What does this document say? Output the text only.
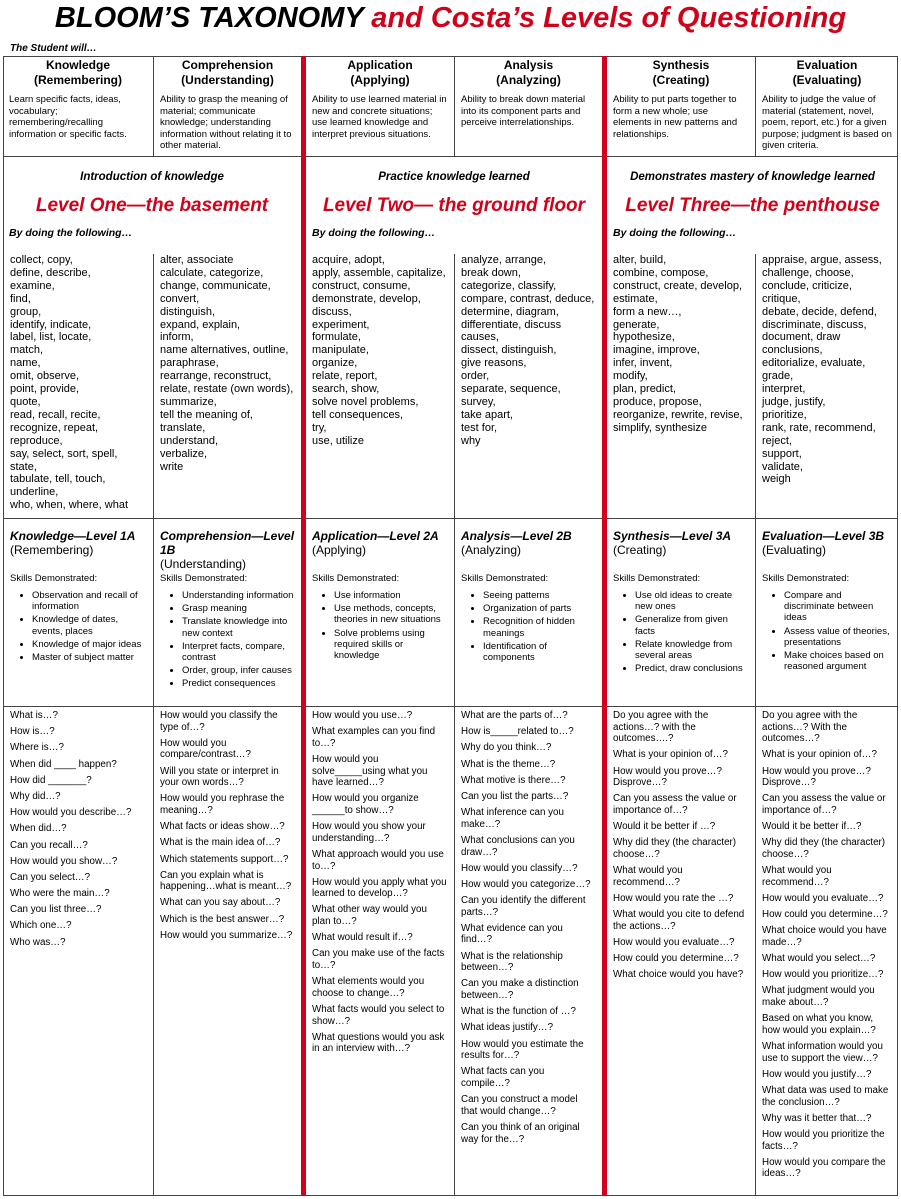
BLOOM’S TAXONOMY and Costa’s Levels of Questioning
The Student will…
Knowledge
(Remembering)
Learn specific facts, ideas, vocabulary; remembering/recalling information or specific facts.
Comprehension
(Understanding)
Ability to grasp the meaning of material; communicate knowledge; understanding information without relating it to other material.
Application
(Applying)
Ability to use learned material in new and concrete situations; use learned knowledge and interpret previous situations.
Analysis
(Analyzing)
Ability to break down material into its component parts and perceive interrelationships.
Synthesis
(Creating)
Ability to put parts together to form a new whole; use elements in new patterns and relationships.
Evaluation
(Evaluating)
Ability to judge the value of material (statement, novel, poem, report, etc.) for a given purpose; judgment is based on given criteria.
Introduction of knowledge
Level One—the basement
By doing the following…
Practice knowledge learned
Level Two— the ground floor
By doing the following…
Demonstrates mastery of knowledge learned
Level Three—the penthouse
By doing the following…
collect, copy,
define, describe,
examine,
find,
group,
identify, indicate,
label, list, locate,
match,
name,
omit, observe,
point, provide,
quote,
read, recall, recite,
recognize, repeat,
reproduce,
say, select, sort, spell,
state,
tabulate, tell, touch,
underline,
who, when, where, what
alter, associate
calculate, categorize,
change, communicate,
convert,
distinguish,
expand, explain,
inform,
name alternatives, outline,
paraphrase,
rearrange, reconstruct,
relate, restate (own words),
summarize,
tell the meaning of,
translate,
understand,
verbalize,
write
acquire, adopt,
apply, assemble, capitalize,
construct, consume,
demonstrate, develop,
discuss,
experiment,
formulate,
manipulate,
organize,
relate, report,
search, show,
solve novel problems,
tell consequences,
try,
use, utilize
analyze, arrange,
break down,
categorize, classify,
compare, contrast, deduce,
determine, diagram,
differentiate, discuss
causes,
dissect, distinguish,
give reasons,
order,
separate, sequence,
survey,
take apart,
test for,
why
alter, build,
combine, compose,
construct, create, develop,
estimate,
form a new…,
generate,
hypothesize,
imagine, improve,
infer, invent,
modify,
plan, predict,
produce, propose,
reorganize, rewrite, revise,
simplify, synthesize
appraise, argue, assess,
challenge, choose,
conclude, criticize,
critique,
debate, decide, defend,
discriminate, discuss,
document, draw
conclusions,
editorialize, evaluate,
grade,
interpret,
judge, justify,
prioritize,
rank, rate, recommend,
reject,
support,
validate,
weigh
Knowledge—Level 1A
(Remembering)
Skills Demonstrated:
• Observation and recall of information
• Knowledge of dates, events, places
• Knowledge of major ideas
• Master of subject matter
Comprehension—Level 1B
(Understanding)
Skills Demonstrated:
• Understanding information
• Grasp meaning
• Translate knowledge into new context
• Interpret facts, compare, contrast
• Order, group, infer causes
• Predict consequences
Application—Level 2A
(Applying)
Skills Demonstrated:
• Use information
• Use methods, concepts, theories in new situations
• Solve problems using required skills or knowledge
Analysis—Level 2B
(Analyzing)
Skills Demonstrated:
• Seeing patterns
• Organization of parts
• Recognition of hidden meanings
• Identification of components
Synthesis—Level 3A
(Creating)
Skills Demonstrated:
• Use old ideas to create new ones
• Generalize from given facts
• Relate knowledge from several areas
• Predict, draw conclusions
Evaluation—Level 3B
(Evaluating)
Skills Demonstrated:
• Compare and discriminate between ideas
• Assess value of theories, presentations
• Make choices based on reasoned argument
What is…?
How is…?
Where is…?
When did ____ happen?
How did _______?
Why did…?
How would you describe…?
When did…?
Can you recall…?
How would you show…?
Can you select…?
Who were the main…?
Can you list three…?
Which one…?
Who was…?
How would you classify the type of…?
How would you compare/contrast…?
Will you state or interpret in your own words…?
How would you rephrase the meaning…?
What facts or ideas show…?
What is the main idea of…?
Which statements support…?
Can you explain what is happening…what is meant…?
What can you say about…?
Which is the best answer…?
How would you summarize…?
How would you use…?
What examples can you find to…?
How would you solve_____using what you have learned…?
How would you organize ______to show…?
How would you show your understanding…?
What approach would you use to…?
How would you apply what you learned to develop…?
What other way would you plan to…?
What would result if…?
Can you make use of the facts to…?
What elements would you choose to change…?
What facts would you select to show…?
What questions would you ask in an interview with…?
What are the parts of…?
How is_____related to…?
Why do you think…?
What is the theme…?
What motive is there…?
Can you list the parts…?
What inference can you make…?
What conclusions can you draw…?
How would you classify…?
How would you categorize…?
Can you identify the different parts…?
What evidence can you find…?
What is the relationship between…?
Can you make a distinction between…?
What is the function of …?
What ideas justify…?
How would you estimate the results for…?
What facts can you compile…?
Can you construct a model that would change…?
Can you think of an original way for the…?
Do you agree with the actions…? with the outcomes….?
What is your opinion of…?
How would you prove…? Disprove…?
Can you assess the value or importance of…?
Would it be better if …?
Why did they (the character) choose…?
What would you recommend…?
How would you rate the …?
What would you cite to defend the actions…?
How would you evaluate…?
How could you determine…?
What choice would you have?
Do you agree with the actions…? With the outcomes…?
What is your opinion of…?
How would you prove…? Disprove…?
Can you assess the value or importance of…?
Would it be better if…?
Why did they (the character) choose…?
What would you recommend…?
How would you evaluate…?
How could you determine…?
What choice would you have made…?
What would you select…?
How would you prioritize…?
What judgment would you make about…?
Based on what you know, how would you explain…?
What information would you use to support the view…?
How would you justify…?
What data was used to make the conclusion…?
Why was it better that…?
How would you prioritize the facts…?
How would you compare the ideas…?
